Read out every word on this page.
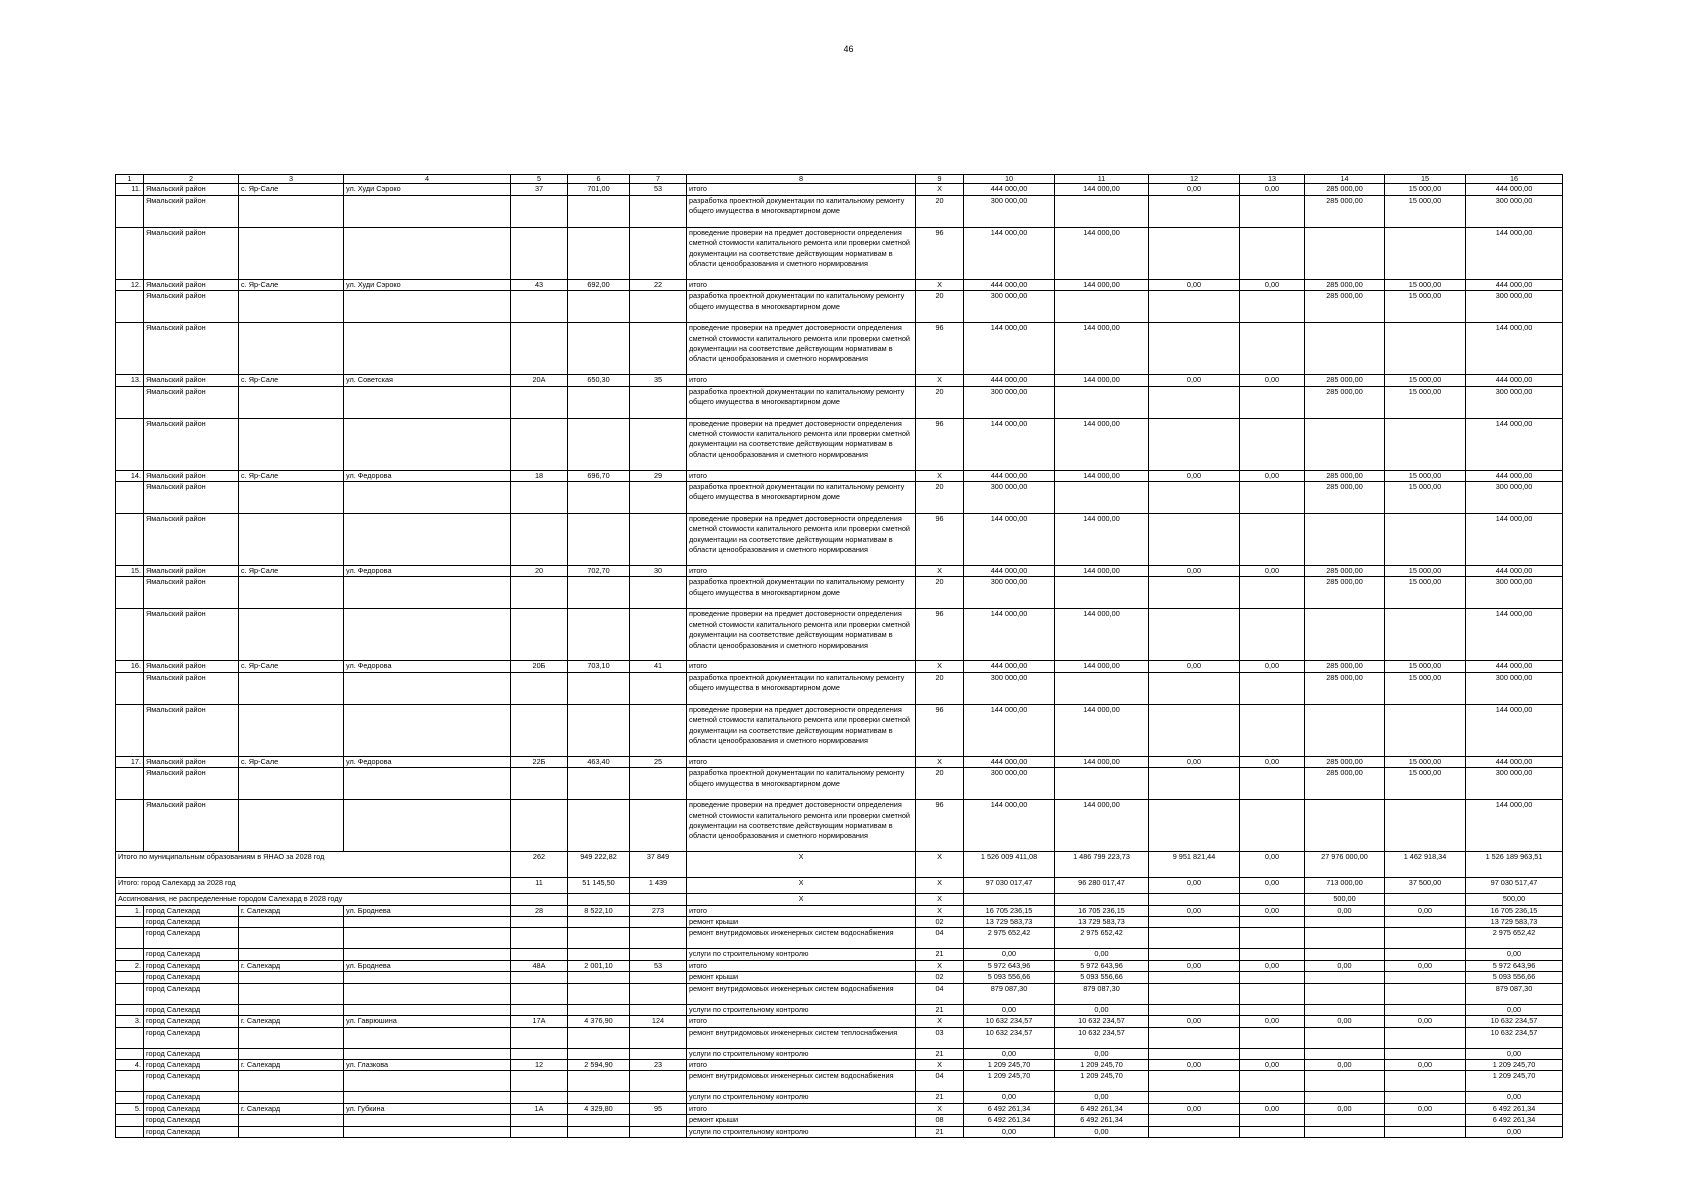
46
1	2	3	4	5	6	7	8	9	10	11	12	13	14	15	16
11.	Ямальский район	с. Яр-Сале	ул. Худи Сэроко	37	701,00	53	итого	Х	444 000,00	144 000,00	0,00	0,00	285 000,00	15 000,00	444 000,00
	Ямальский район						разработка проектной документации по капитальному ремонту общего имущества в многоквартирном доме	20	300 000,00				285 000,00	15 000,00	300 000,00
	Ямальский район						проведение проверки на предмет достоверности определения сметной стоимости капитального ремонта или проверки сметной документации на соответствие действующим нормативам в области ценообразования и сметного нормирования	96	144 000,00	144 000,00					144 000,00
12.	Ямальский район	с. Яр-Сале	ул. Худи Сэроко	43	692,00	22	итого	Х	444 000,00	144 000,00	0,00	0,00	285 000,00	15 000,00	444 000,00
	Ямальский район						разработка проектной документации по капитальному ремонту общего имущества в многоквартирном доме	20	300 000,00				285 000,00	15 000,00	300 000,00
	Ямальский район						проведение проверки на предмет достоверности определения сметной стоимости капитального ремонта или проверки сметной документации на соответствие действующим нормативам в области ценообразования и сметного нормирования	96	144 000,00	144 000,00					144 000,00
13.	Ямальский район	с. Яр-Сале	ул. Советская	20А	650,30	35	итого	Х	444 000,00	144 000,00	0,00	0,00	285 000,00	15 000,00	444 000,00
	Ямальский район						разработка проектной документации по капитальному ремонту общего имущества в многоквартирном доме	20	300 000,00				285 000,00	15 000,00	300 000,00
	Ямальский район						проведение проверки на предмет достоверности определения сметной стоимости капитального ремонта или проверки сметной документации на соответствие действующим нормативам в области ценообразования и сметного нормирования	96	144 000,00	144 000,00					144 000,00
14.	Ямальский район	с. Яр-Сале	ул. Федорова	18	696,70	29	итого	Х	444 000,00	144 000,00	0,00	0,00	285 000,00	15 000,00	444 000,00
	Ямальский район						разработка проектной документации по капитальному ремонту общего имущества в многоквартирном доме	20	300 000,00				285 000,00	15 000,00	300 000,00
	Ямальский район						проведение проверки на предмет достоверности определения сметной стоимости капитального ремонта или проверки сметной документации на соответствие действующим нормативам в области ценообразования и сметного нормирования	96	144 000,00	144 000,00					144 000,00
15.	Ямальский район	с. Яр-Сале	ул. Федорова	20	702,70	30	итого	Х	444 000,00	144 000,00	0,00	0,00	285 000,00	15 000,00	444 000,00
	Ямальский район						разработка проектной документации по капитальному ремонту общего имущества в многоквартирном доме	20	300 000,00				285 000,00	15 000,00	300 000,00
	Ямальский район						проведение проверки на предмет достоверности определения сметной стоимости капитального ремонта или проверки сметной документации на соответствие действующим нормативам в области ценообразования и сметного нормирования	96	144 000,00	144 000,00					144 000,00
16.	Ямальский район	с. Яр-Сале	ул. Федорова	20Б	703,10	41	итого	Х	444 000,00	144 000,00	0,00	0,00	285 000,00	15 000,00	444 000,00
	Ямальский район						разработка проектной документации по капитальному ремонту общего имущества в многоквартирном доме	20	300 000,00				285 000,00	15 000,00	300 000,00
	Ямальский район						проведение проверки на предмет достоверности определения сметной стоимости капитального ремонта или проверки сметной документации на соответствие действующим нормативам в области ценообразования и сметного нормирования	96	144 000,00	144 000,00					144 000,00
17.	Ямальский район	с. Яр-Сале	ул. Федорова	22Б	463,40	25	итого	Х	444 000,00	144 000,00	0,00	0,00	285 000,00	15 000,00	444 000,00
	Ямальский район						разработка проектной документации по капитальному ремонту общего имущества в многоквартирном доме	20	300 000,00				285 000,00	15 000,00	300 000,00
	Ямальский район						проведение проверки на предмет достоверности определения сметной стоимости капитального ремонта или проверки сметной документации на соответствие действующим нормативам в области ценообразования и сметного нормирования	96	144 000,00	144 000,00					144 000,00
Итого по муниципальным образованиям в ЯНАО за 2028 год				262	949 222,82	37 849	Х	Х	1 526 009 411,08	1 486 799 223,73	9 951 821,44	0,00	27 976 000,00	1 462 918,34	1 526 189 963,51
Итого: город Салехард за 2028 год				11	51 145,50	1 439	Х	Х	97 030 017,47	96 280 017,47	0,00	0,00	713 000,00	37 500,00	97 030 517,47
Ассигнования, не распределенные городом Салехард в 2028 году							Х	Х					500,00		500,00
1.	город Салехард	г. Салехард	ул. Броднева	28	8 522,10	273	итого	Х	16 705 236,15	16 705 236,15	0,00	0,00	0,00	0,00	16 705 236,15
	город Салехард						ремонт крыши	02	13 729 583,73	13 729 583,73					13 729 583,73
	город Салехард						ремонт внутридомовых инженерных систем водоснабжения	04	2 975 652,42	2 975 652,42					2 975 652,42
	город Салехард						услуги по строительному контролю	21	0,00	0,00					0,00
2.	город Салехард	г. Салехард	ул. Броднева	48А	2 001,10	53	итого	Х	5 972 643,96	5 972 643,96	0,00	0,00	0,00	0,00	5 972 643,96
	город Салехард						ремонт крыши	02	5 093 556,66	5 093 556,66					5 093 556,66
	город Салехард						ремонт внутридомовых инженерных систем водоснабжения	04	879 087,30	879 087,30					879 087,30
	город Салехард						услуги по строительному контролю	21	0,00	0,00					0,00
3.	город Салехард	г. Салехард	ул. Гаврюшина	17А	4 376,90	124	итого	Х	10 632 234,57	10 632 234,57	0,00	0,00	0,00	0,00	10 632 234,57
	город Салехард						ремонт внутридомовых инженерных систем теплоснабжения	03	10 632 234,57	10 632 234,57					10 632 234,57
	город Салехард						услуги по строительному контролю	21	0,00	0,00					0,00
4.	город Салехард	г. Салехард	ул. Глазкова	12	2 594,90	23	итого	Х	1 209 245,70	1 209 245,70	0,00	0,00	0,00	0,00	1 209 245,70
	город Салехард						ремонт внутридомовых инженерных систем водоснабжения	04	1 209 245,70	1 209 245,70					1 209 245,70
	город Салехард						услуги по строительному контролю	21	0,00	0,00					0,00
5.	город Салехард	г. Салехард	ул. Губкина	1А	4 329,80	95	итого	Х	6 492 261,34	6 492 261,34	0,00	0,00	0,00	0,00	6 492 261,34
	город Салехард						ремонт крыши	08	6 492 261,34	6 492 261,34					6 492 261,34
	город Салехард						услуги по строительному контролю	21	0,00	0,00					0,00
